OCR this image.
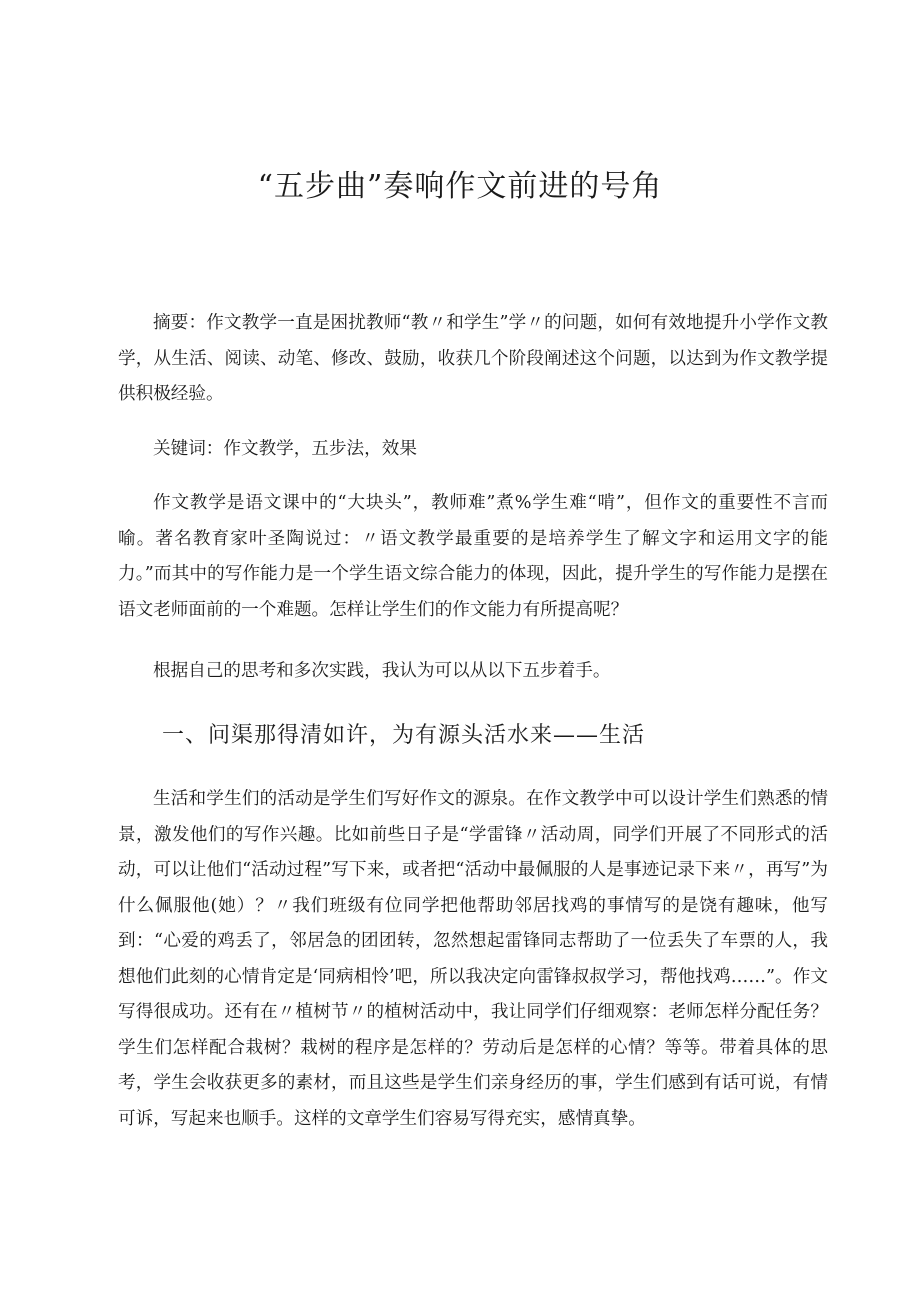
“五步曲”奏响作文前进的号角

摘要：作文教学一直是困扰教师“教〃和学生”学〃的问题，如何有效地提升小学作文教学，从生活、阅读、动笔、修改、鼓励，收获几个阶段阐述这个问题，以达到为作文教学提供积极经验。

关键词：作文教学，五步法，效果

作文教学是语文课中的“大块头”，教师难”煮%学生难“啃”，但作文的重要性不言而喻。著名教育家叶圣陶说过：〃语文教学最重要的是培养学生了解文字和运用文字的能力。”而其中的写作能力是一个学生语文综合能力的体现，因此，提升学生的写作能力是摆在语文老师面前的一个难题。怎样让学生们的作文能力有所提高呢？

根据自己的思考和多次实践，我认为可以从以下五步着手。

一、问渠那得清如许，为有源头活水来——生活

生活和学生们的活动是学生们写好作文的源泉。在作文教学中可以设计学生们熟悉的情景，激发他们的写作兴趣。比如前些日子是“学雷锋〃活动周，同学们开展了不同形式的活动，可以让他们“活动过程”写下来，或者把“活动中最佩服的人是事迹记录下来〃，再写”为什么佩服他(她）？〃我们班级有位同学把他帮助邻居找鸡的事情写的是饶有趣味，他写到：“心爱的鸡丢了，邻居急的团团转，忽然想起雷锋同志帮助了一位丢失了车票的人，我想他们此刻的心情肯定是‘同病相怜’吧，所以我决定向雷锋叔叔学习，帮他找鸡……”。作文写得很成功。还有在〃植树节〃的植树活动中，我让同学们仔细观察：老师怎样分配任务？学生们怎样配合栽树？栽树的程序是怎样的？劳动后是怎样的心情？等等。带着具体的思考，学生会收获更多的素材，而且这些是学生们亲身经历的事，学生们感到有话可说，有情可诉，写起来也顺手。这样的文章学生们容易写得充实，感情真挚。
